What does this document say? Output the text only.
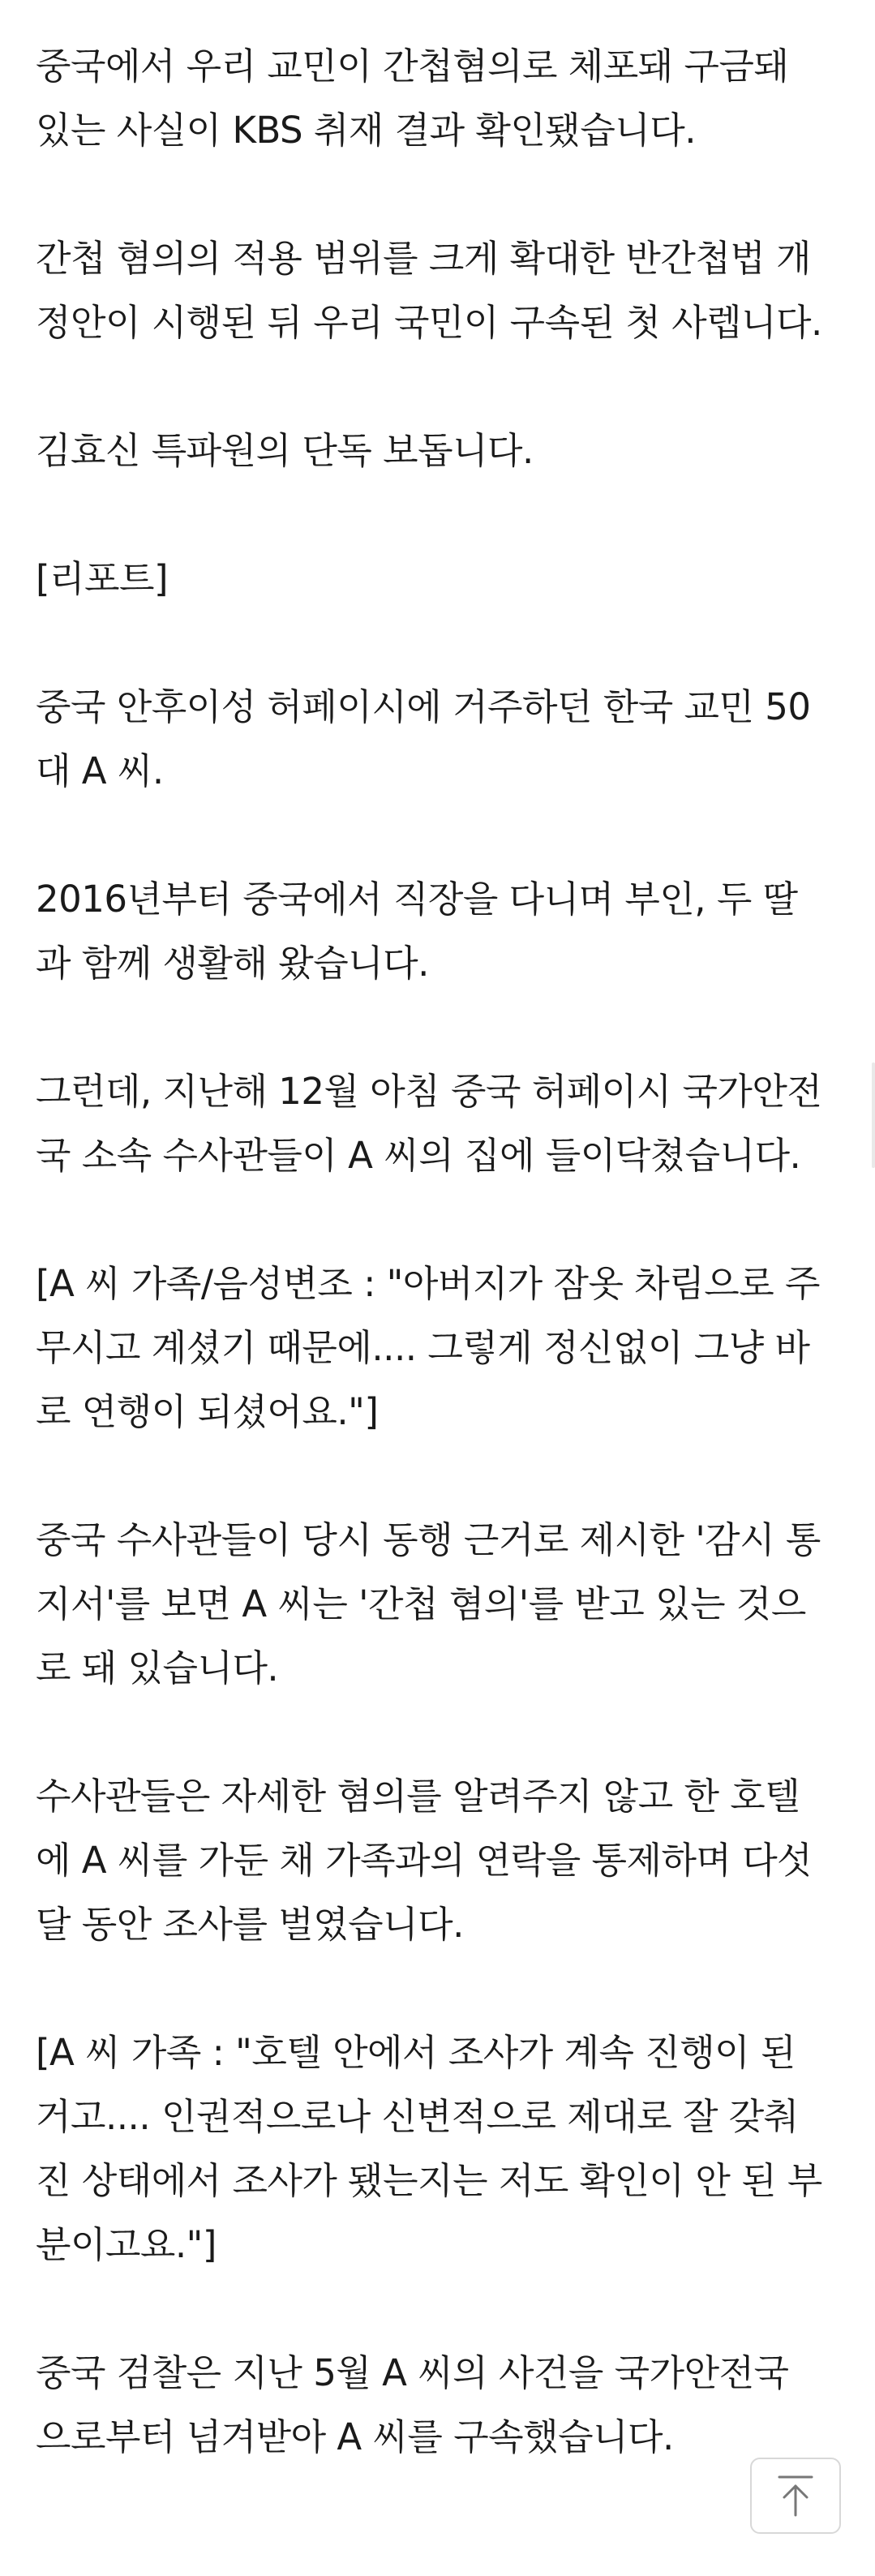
중국에서 우리 교민이 간첩혐의로 체포돼 구금돼
있는 사실이 KBS 취재 결과 확인됐습니다.

간첩 혐의의 적용 범위를 크게 확대한 반간첩법 개
정안이 시행된 뒤 우리 국민이 구속된 첫 사렙니다.

김효신 특파원의 단독 보돕니다.

[리포트]

중국 안후이성 허페이시에 거주하던 한국 교민 50
대 A 씨.

2016년부터 중국에서 직장을 다니며 부인, 두 딸
과 함께 생활해 왔습니다.

그런데, 지난해 12월 아침 중국 허페이시 국가안전
국 소속 수사관들이 A 씨의 집에 들이닥쳤습니다.

[A 씨 가족/음성변조 : "아버지가 잠옷 차림으로 주
무시고 계셨기 때문에.... 그렇게 정신없이 그냥 바
로 연행이 되셨어요."]

중국 수사관들이 당시 동행 근거로 제시한 '감시 통
지서'를 보면 A 씨는 '간첩 혐의'를 받고 있는 것으
로 돼 있습니다.

수사관들은 자세한 혐의를 알려주지 않고 한 호텔
에 A 씨를 가둔 채 가족과의 연락을 통제하며 다섯
달 동안 조사를 벌였습니다.

[A 씨 가족 : "호텔 안에서 조사가 계속 진행이 된
거고.... 인권적으로나 신변적으로 제대로 잘 갖춰
진 상태에서 조사가 됐는지는 저도 확인이 안 된 부
분이고요."]

중국 검찰은 지난 5월 A 씨의 사건을 국가안전국
으로부터 넘겨받아 A 씨를 구속했습니다.
